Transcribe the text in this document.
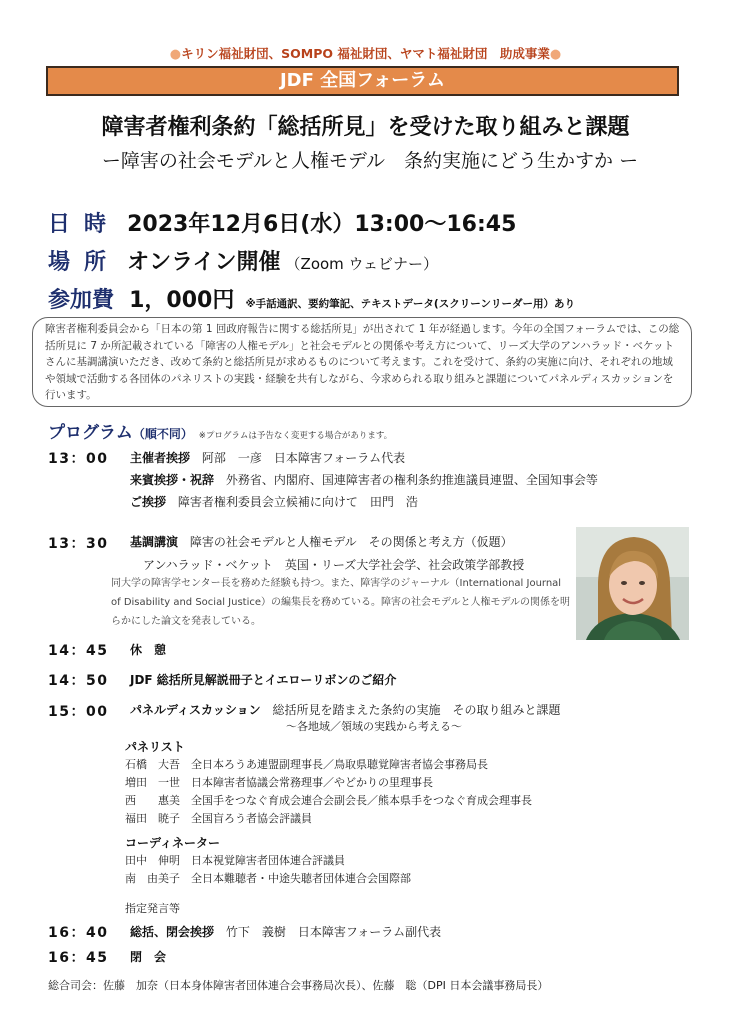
●キリン福祉財団、SOMPO 福祉財団、ヤマト福祉財団　助成事業●
JDF 全国フォーラム
障害者権利条約「総括所見」を受けた取り組みと課題
ー障害の社会モデルと人権モデル　条約実施にどう生かすか ー
日時 2023年12月6日(水）13:00〜16:45
場所 オンライン開催 （Zoom ウェビナー）
参加費 1，000円 ※手話通訳、要約筆記、テキストデータ(スクリーンリーダー用）あり
障害者権利委員会から「日本の第 1 回政府報告に関する総括所見」が出されて 1 年が経過します。今年の全国フォーラムでは、この総括所見に 7 か所記載されている「障害の人権モデル」と社会モデルとの関係や考え方について、リーズ大学のアンハラッド・ベケットさんに基調講演いただき、改めて条約と総括所見が求めるものについて考えます。これを受けて、条約の実施に向け、それぞれの地域や領域で活動する各団体のパネリストの実践・経験を共有しながら、今求められる取り組みと課題についてパネルディスカッションを行います。
プログラム（順不同） ※プログラムは予告なく変更する場合があります。
13：00 主催者挨拶 阿部　一彦　日本障害フォーラム代表
来賓挨拶・祝辞 外務省、内閣府、国連障害者の権利条約推進議員連盟、全国知事会等
ご挨拶 障害者権利委員会立候補に向けて　田門　浩
13：30 基調講演 障害の社会モデルと人権モデル　その関係と考え方（仮題）
アンハラッド・ベケット　英国・リーズ大学社会学、社会政策学部教授
同大学の障害学センター長を務めた経験も持つ。また、障害学のジャーナル（International Journal of Disability and Social Justice）の編集長を務めている。障害の社会モデルと人権モデルの関係を明らかにした論文を発表している。
14：45 休　憩
14：50 JDF 総括所見解説冊子とイエローリボンのご紹介
15：00 パネルディスカッション 総括所見を踏まえた条約の実施　その取り組みと課題
〜各地域／領域の実践から考える〜
パネリスト
石橋　大吾　全日本ろうあ連盟副理事長／鳥取県聴覚障害者協会事務局長
増田　一世　日本障害者協議会常務理事／やどかりの里理事長
西　　惠美　全国手をつなぐ育成会連合会副会長／熊本県手をつなぐ育成会理事長
福田　暁子　全国盲ろう者協会評議員
コーディネーター
田中　伸明　日本視覚障害者団体連合評議員
南　由美子　全日本難聴者・中途失聴者団体連合会国際部
指定発言等
16：40 総括、閉会挨拶 竹下　義樹　日本障害フォーラム副代表
16：45 閉　会
総合司会：佐藤　加奈（日本身体障害者団体連合会事務局次長）、佐藤　聡（DPI 日本会議事務局長）
